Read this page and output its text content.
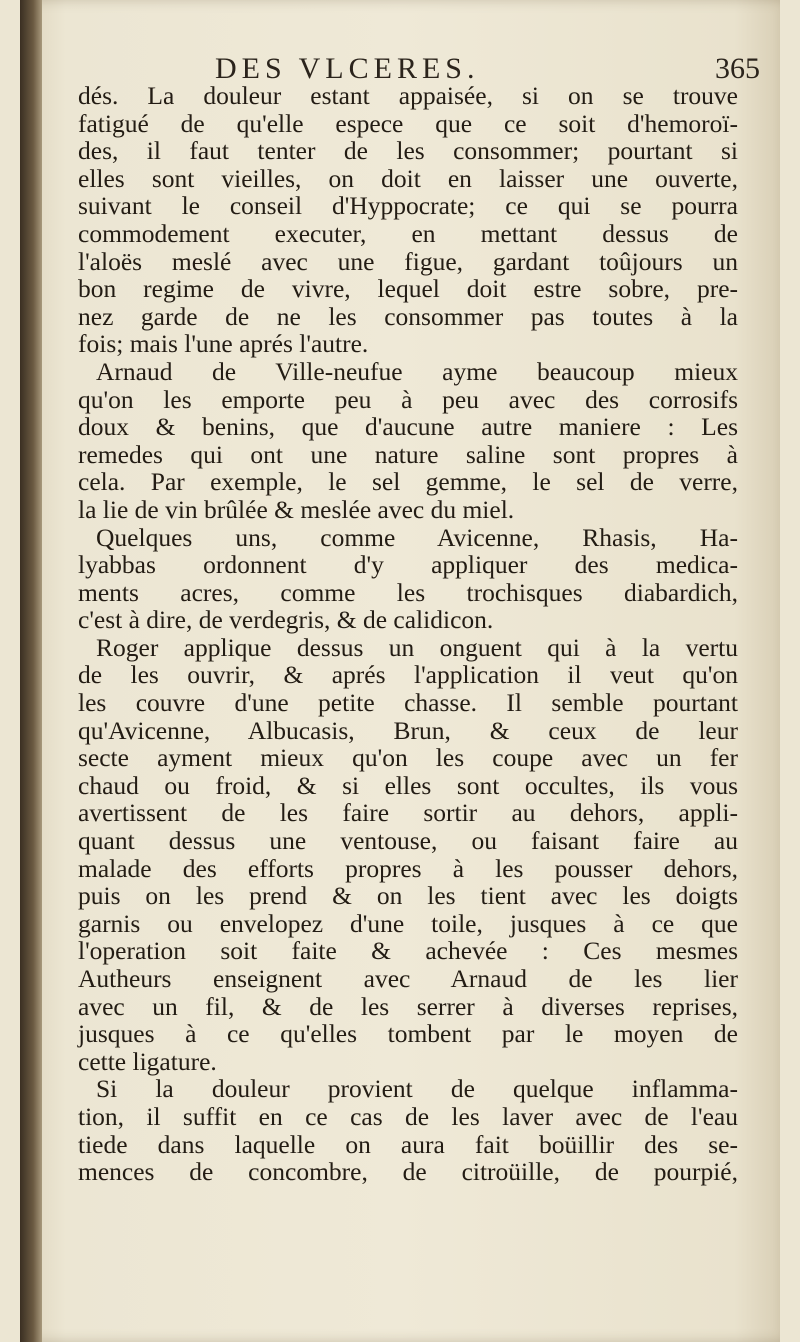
DES VLCERES.	365
dés. La douleur estant appaisée, si on se trouve
fatigué de qu'elle espece que ce soit d'hemoroï-
des, il faut tenter de les consommer; pourtant si
elles sont vieilles, on doit en laisser une ouverte,
suivant le conseil d'Hyppocrate; ce qui se pourra
commodement executer, en mettant dessus de
l'aloës meslé avec une figue, gardant toûjours un
bon regime de vivre, lequel doit estre sobre, pre-
nez garde de ne les consommer pas toutes à la
fois; mais l'une aprés l'autre.
Arnaud de Ville-neufue ayme beaucoup mieux
qu'on les emporte peu à peu avec des corrosifs
doux & benins, que d'aucune autre maniere : Les
remedes qui ont une nature saline sont propres à
cela. Par exemple, le sel gemme, le sel de verre,
la lie de vin brûlée & meslée avec du miel.
Quelques uns, comme Avicenne, Rhasis, Ha-
lyabbas ordonnent d'y appliquer des medica-
ments acres, comme les trochisques diabardich,
c'est à dire, de verdegris, & de calidicon.
Roger applique dessus un onguent qui à la vertu
de les ouvrir, & aprés l'application il veut qu'on
les couvre d'une petite chasse. Il semble pourtant
qu'Avicenne, Albucasis, Brun, & ceux de leur
secte ayment mieux qu'on les coupe avec un fer
chaud ou froid, & si elles sont occultes, ils vous
avertissent de les faire sortir au dehors, appli-
quant dessus une ventouse, ou faisant faire au
malade des efforts propres à les pousser dehors,
puis on les prend & on les tient avec les doigts
garnis ou envelopez d'une toile, jusques à ce que
l'operation soit faite & achevée : Ces mesmes
Autheurs enseignent avec Arnaud de les lier
avec un fil, & de les serrer à diverses reprises,
jusques à ce qu'elles tombent par le moyen de
cette ligature.
Si la douleur provient de quelque inflamma-
tion, il suffit en ce cas de les laver avec de l'eau
tiede dans laquelle on aura fait boüillir des se-
mences de concombre, de citroüille, de pourpié,
